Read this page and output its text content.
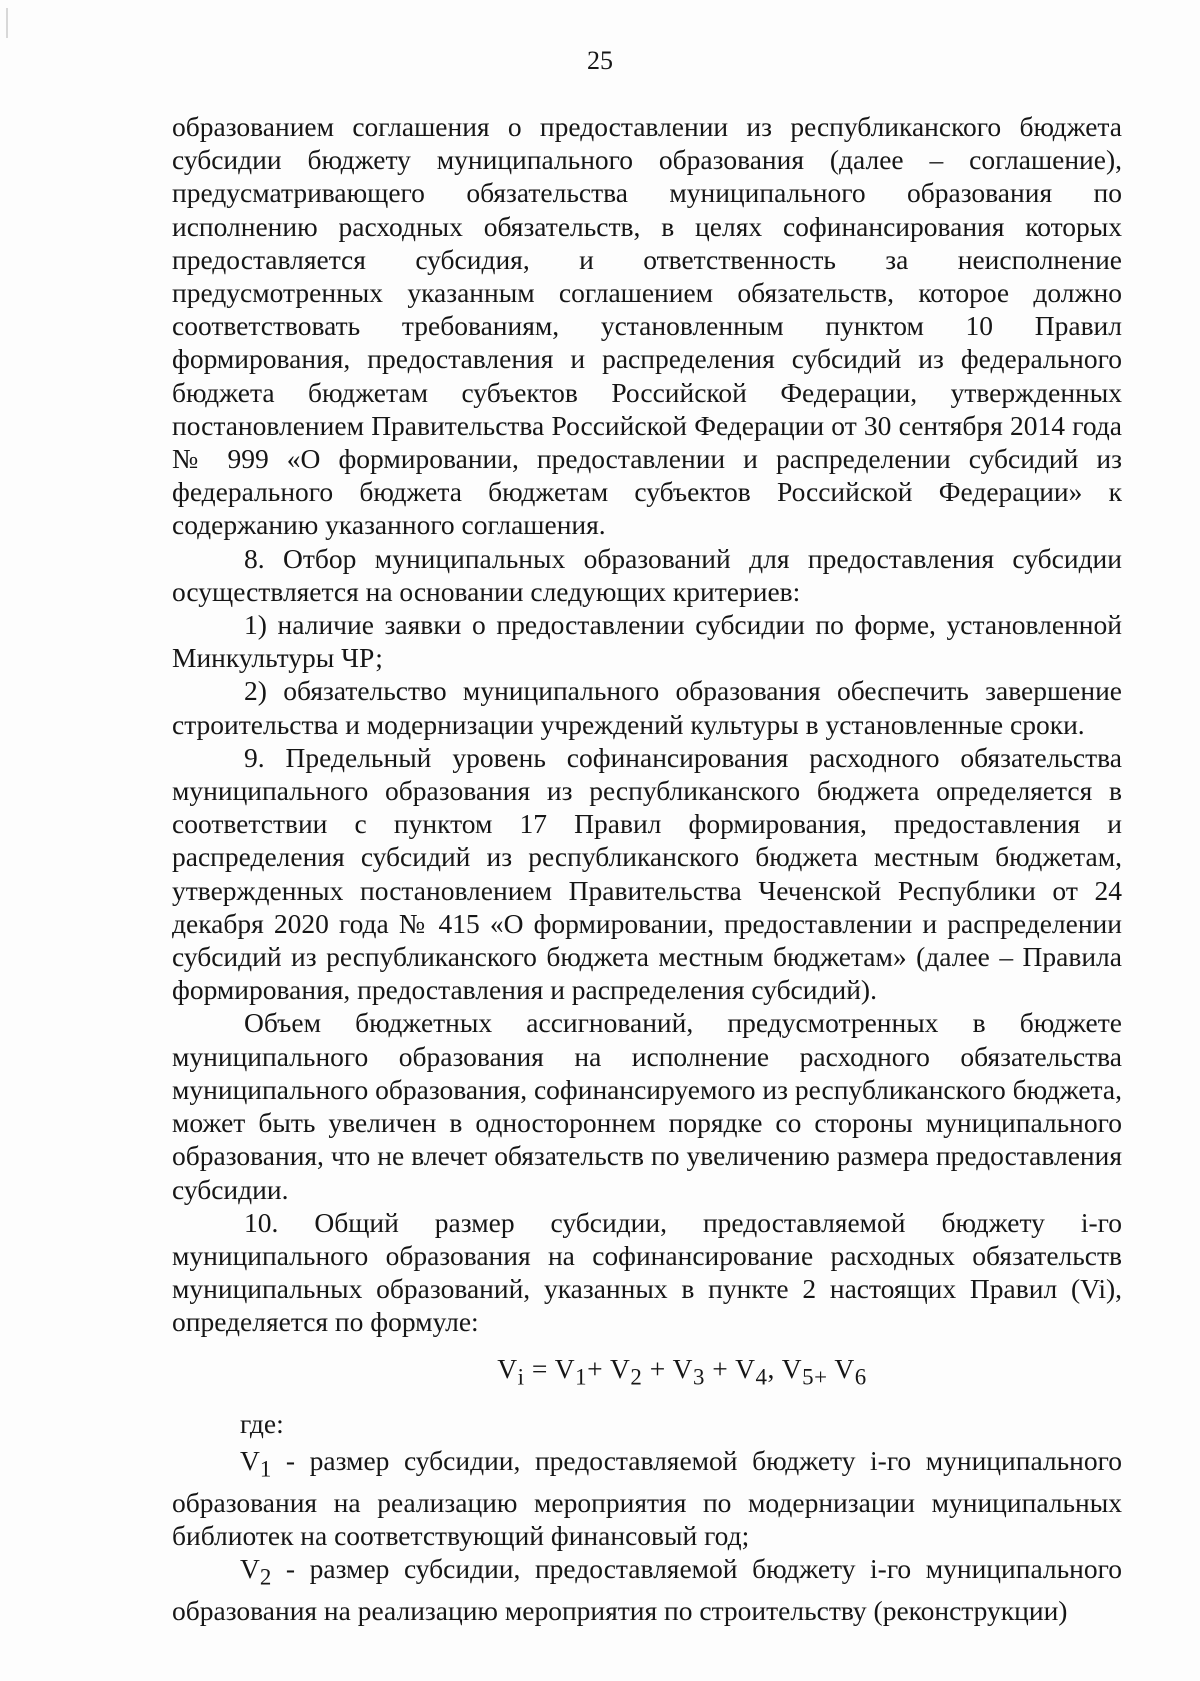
25

образованием соглашения о предоставлении из республиканского бюджета субсидии бюджету муниципального образования (далее – соглашение), предусматривающего обязательства муниципального образования по исполнению расходных обязательств, в целях софинансирования которых предоставляется субсидия, и ответственность за неисполнение предусмотренных указанным соглашением обязательств, которое должно соответствовать требованиям, установленным пунктом 10 Правил формирования, предоставления и распределения субсидий из федерального бюджета бюджетам субъектов Российской Федерации, утвержденных постановлением Правительства Российской Федерации от 30 сентября 2014 года № 999 «О формировании, предоставлении и распределении субсидий из федерального бюджета бюджетам субъектов Российской Федерации» к содержанию указанного соглашения.

8. Отбор муниципальных образований для предоставления субсидии осуществляется на основании следующих критериев:

1) наличие заявки о предоставлении субсидии по форме, установленной Минкультуры ЧР;

2) обязательство муниципального образования обеспечить завершение строительства и модернизации учреждений культуры в установленные сроки.

9. Предельный уровень софинансирования расходного обязательства муниципального образования из республиканского бюджета определяется в соответствии с пунктом 17 Правил формирования, предоставления и распределения субсидий из республиканского бюджета местным бюджетам, утвержденных постановлением Правительства Чеченской Республики от 24 декабря 2020 года № 415 «О формировании, предоставлении и распределении субсидий из республиканского бюджета местным бюджетам» (далее – Правила формирования, предоставления и распределения субсидий).

Объем бюджетных ассигнований, предусмотренных в бюджете муниципального образования на исполнение расходного обязательства муниципального образования, софинансируемого из республиканского бюджета, может быть увеличен в одностороннем порядке со стороны муниципального образования, что не влечет обязательств по увеличению размера предоставления субсидии.

10. Общий размер субсидии, предоставляемой бюджету i-го муниципального образования на софинансирование расходных обязательств муниципальных образований, указанных в пункте 2 настоящих Правил (Vi), определяется по формуле:

$V_i = V_1+ V_2 + V_3 + V_4$, $V_{5+}$ $V_6$

где:

$V_1$ - размер субсидии, предоставляемой бюджету i-го муниципального образования на реализацию мероприятия по модернизации муниципальных библиотек на соответствующий финансовый год;

$V_2$ - размер субсидии, предоставляемой бюджету i-го муниципального образования на реализацию мероприятия по строительству (реконструкции)
